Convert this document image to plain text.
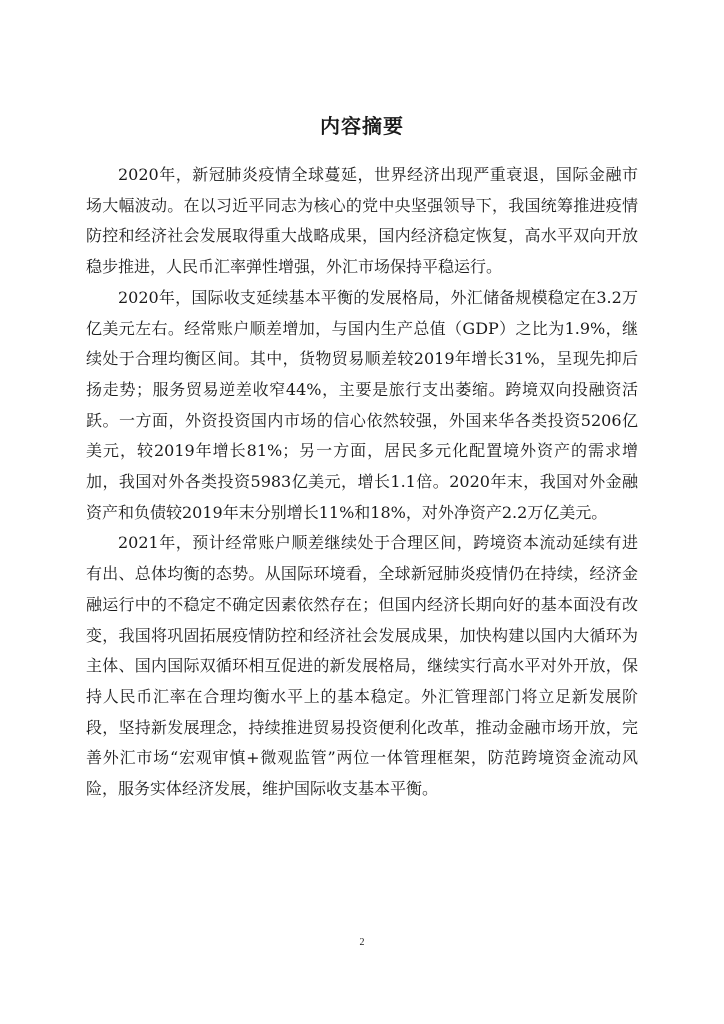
内容摘要

2020年，新冠肺炎疫情全球蔓延，世界经济出现严重衰退，国际金融市场大幅波动。在以习近平同志为核心的党中央坚强领导下，我国统筹推进疫情防控和经济社会发展取得重大战略成果，国内经济稳定恢复，高水平双向开放稳步推进，人民币汇率弹性增强，外汇市场保持平稳运行。

2020年，国际收支延续基本平衡的发展格局，外汇储备规模稳定在3.2万亿美元左右。经常账户顺差增加，与国内生产总值（GDP）之比为1.9%，继续处于合理均衡区间。其中，货物贸易顺差较2019年增长31%，呈现先抑后扬走势；服务贸易逆差收窄44%，主要是旅行支出萎缩。跨境双向投融资活跃。一方面，外资投资国内市场的信心依然较强，外国来华各类投资5206亿美元，较2019年增长81%；另一方面，居民多元化配置境外资产的需求增加，我国对外各类投资5983亿美元，增长1.1倍。2020年末，我国对外金融资产和负债较2019年末分别增长11%和18%，对外净资产2.2万亿美元。

2021年，预计经常账户顺差继续处于合理区间，跨境资本流动延续有进有出、总体均衡的态势。从国际环境看，全球新冠肺炎疫情仍在持续，经济金融运行中的不稳定不确定因素依然存在；但国内经济长期向好的基本面没有改变，我国将巩固拓展疫情防控和经济社会发展成果，加快构建以国内大循环为主体、国内国际双循环相互促进的新发展格局，继续实行高水平对外开放，保持人民币汇率在合理均衡水平上的基本稳定。外汇管理部门将立足新发展阶段，坚持新发展理念，持续推进贸易投资便利化改革，推动金融市场开放，完善外汇市场“宏观审慎+微观监管”两位一体管理框架，防范跨境资金流动风险，服务实体经济发展，维护国际收支基本平衡。

2
